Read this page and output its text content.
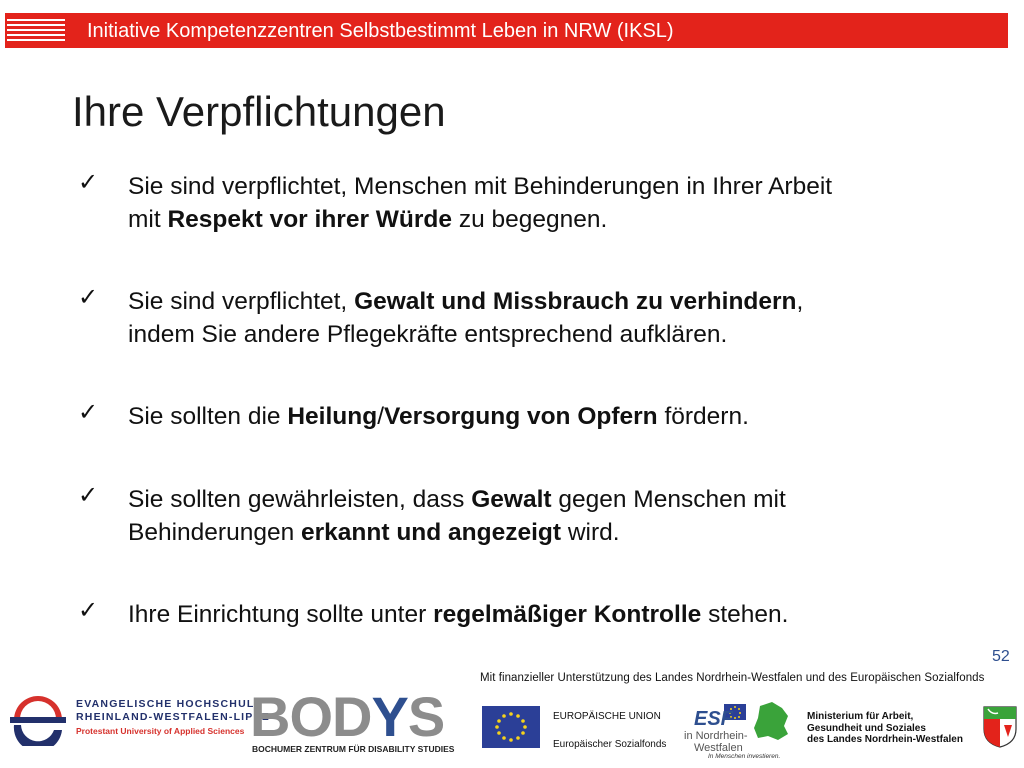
Initiative Kompetenzzentren Selbstbestimmt Leben in NRW (IKSL)
Ihre Verpflichtungen
✓ Sie sind verpflichtet, Menschen mit Behinderungen in Ihrer Arbeit
mit Respekt vor ihrer Würde zu begegnen.
✓ Sie sind verpflichtet, Gewalt und Missbrauch zu verhindern,
indem Sie andere Pflegekräfte entsprechend aufklären.
✓ Sie sollten die Heilung/Versorgung von Opfern fördern.
✓ Sie sollten gewährleisten, dass Gewalt gegen Menschen mit
Behinderungen erkannt und angezeigt wird.
✓ Ihre Einrichtung sollte unter regelmäßiger Kontrolle stehen.
52
Mit finanzieller Unterstützung des Landes Nordrhein-Westfalen und des Europäischen Sozialfonds
EVANGELISCHE HOCHSCHULE
RHEINLAND-WESTFALEN-LIPPE
Protestant University of Applied Sciences BODYS
BOCHUMER ZENTRUM FÜR DISABILITY STUDIES
EUROPÄISCHE UNION
Europäischer Sozialfonds
ESF
in Nordrhein-
Westfalen
In Menschen investieren.
Ministerium für Arbeit,
Gesundheit und Soziales
des Landes Nordrhein-Westfalen
